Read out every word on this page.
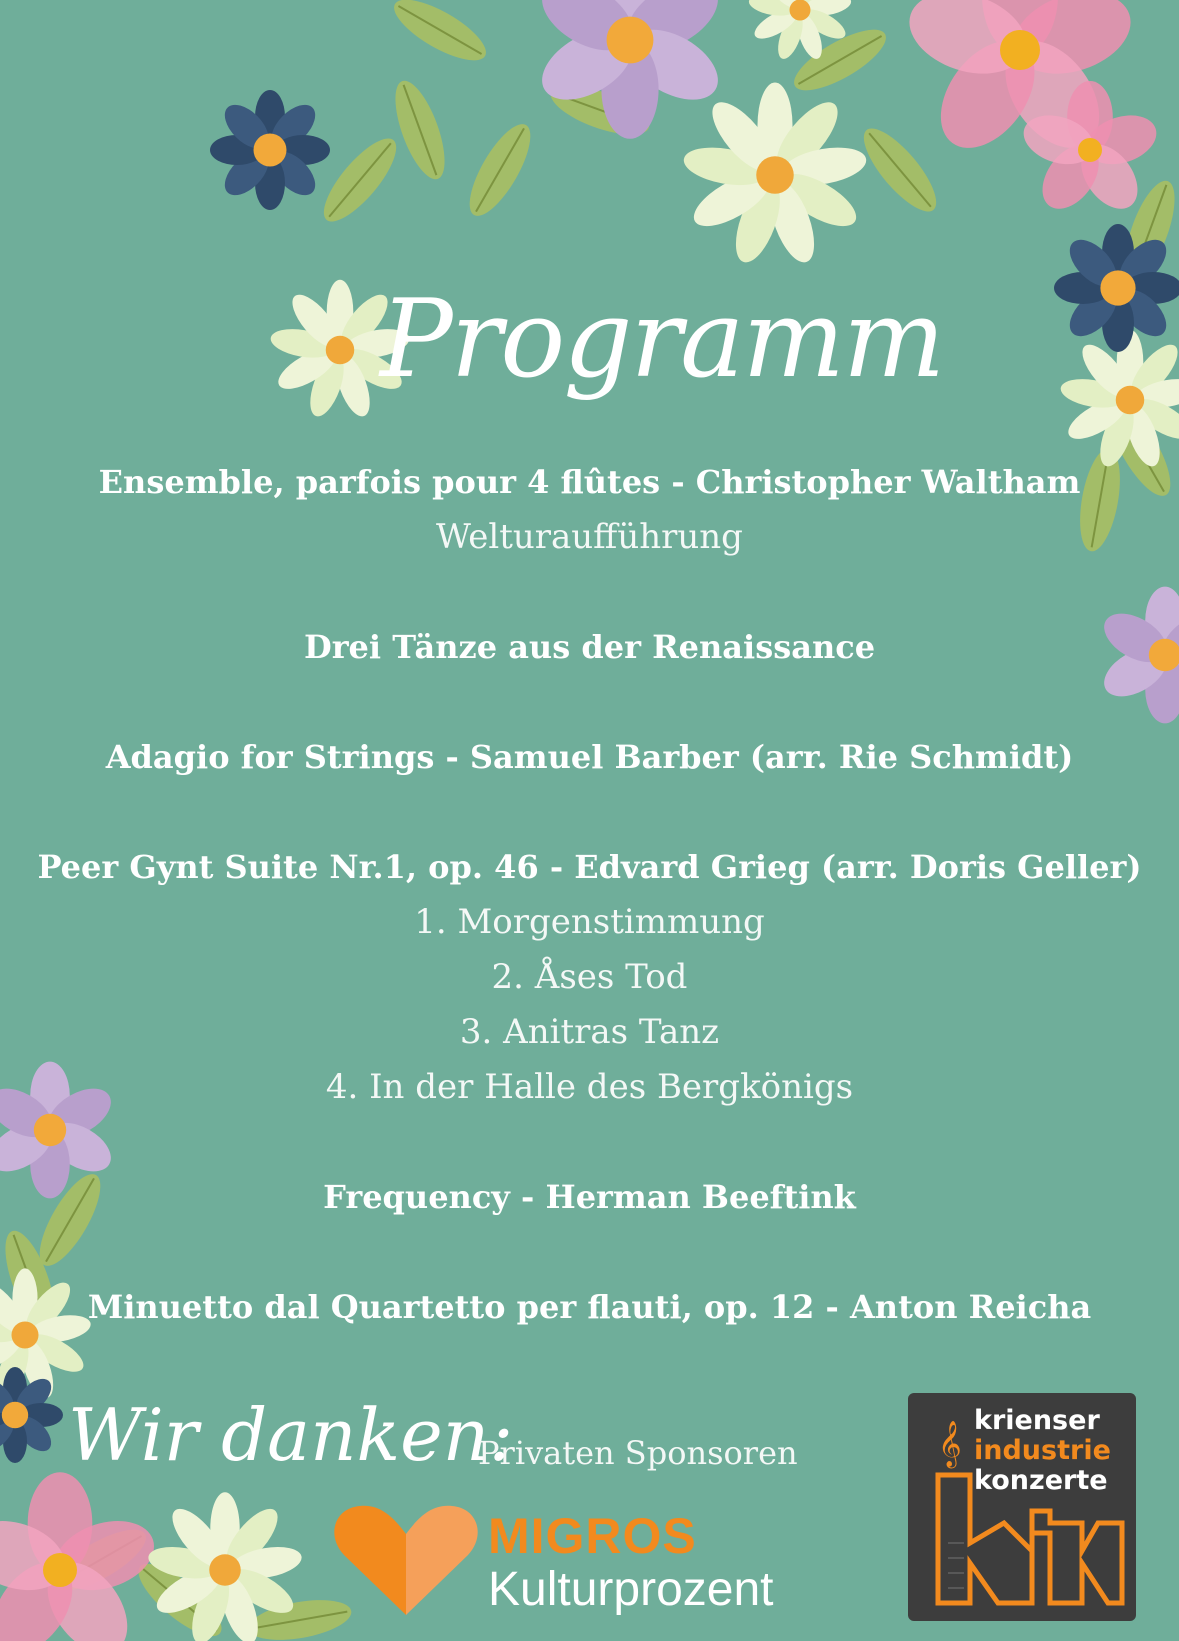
Programm
Ensemble, parfois pour 4 flûtes - Christopher Waltham
Welturaufführung
Drei Tänze aus der Renaissance
Adagio for Strings - Samuel Barber (arr. Rie Schmidt)
Peer Gynt Suite Nr.1, op. 46 - Edvard Grieg (arr. Doris Geller)
1. Morgenstimmung
2. Åses Tod
3. Anitras Tanz
4. In der Halle des Bergkönigs
Frequency - Herman Beeftink
Minuetto dal Quartetto per flauti, op. 12 - Anton Reicha
Wir danken:
Privaten Sponsoren
MIGROS
Kulturprozent
𝄞
krienser
industrie
konzerte
